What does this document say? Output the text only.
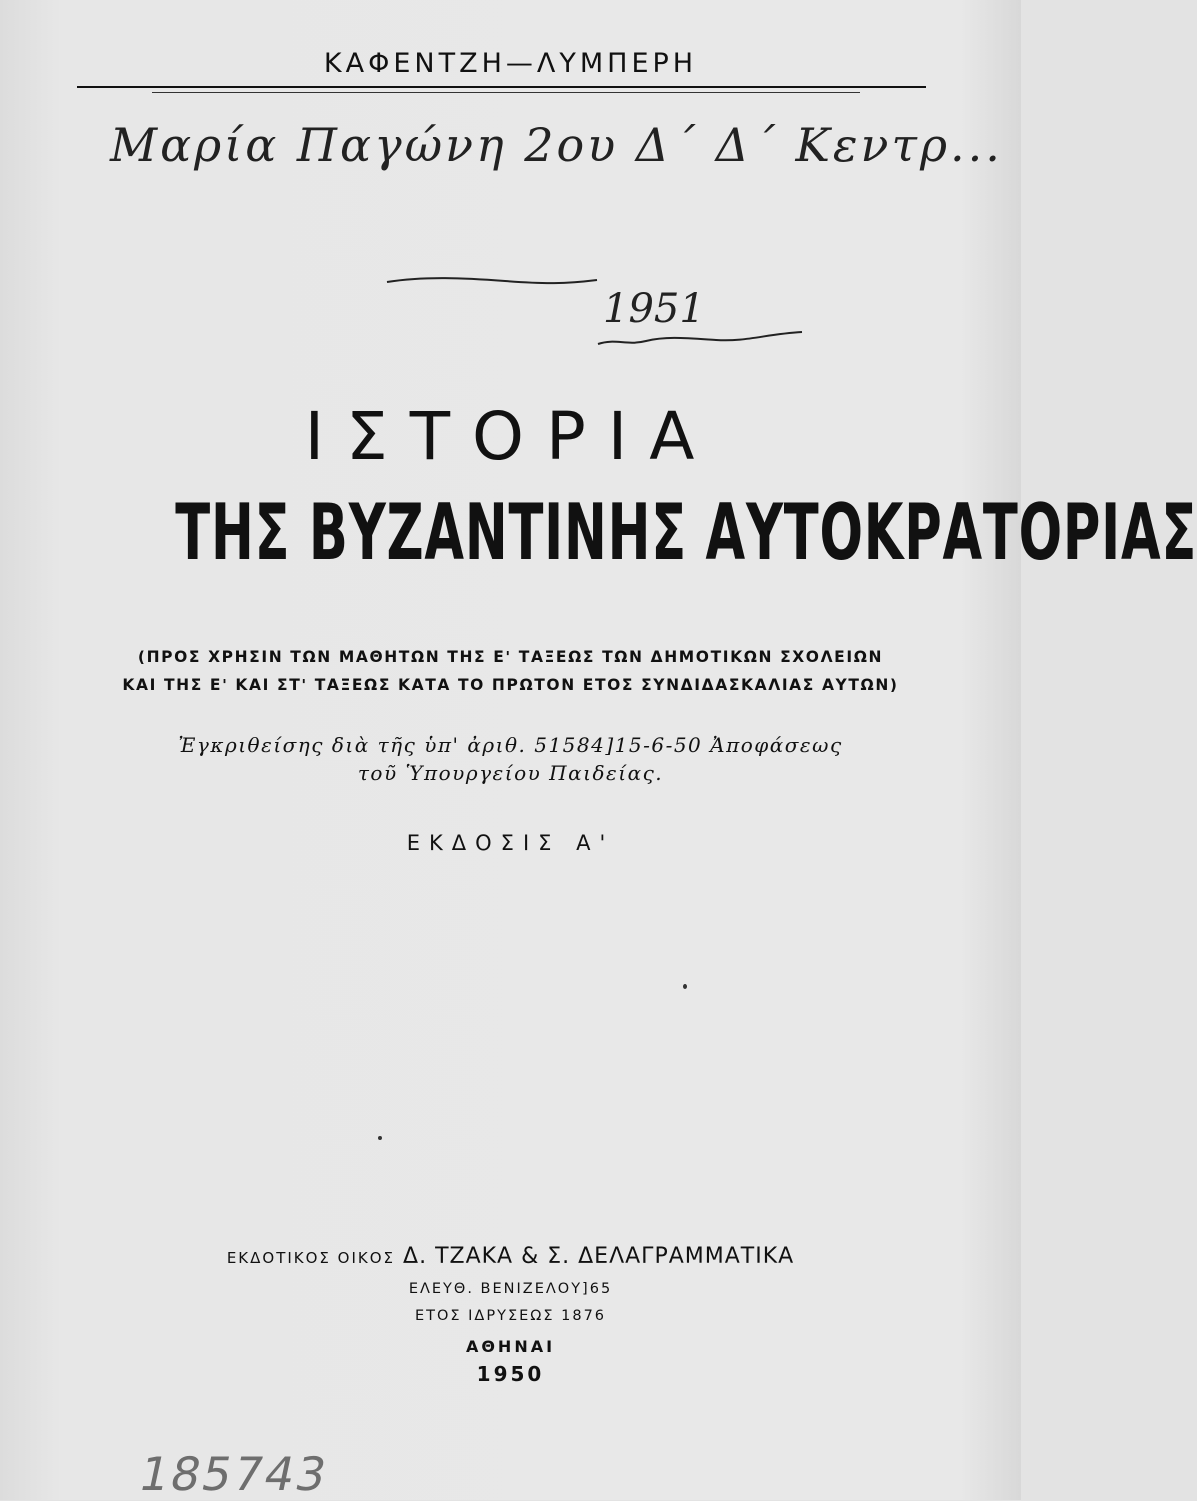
ΚΑΦΕΝΤΖΗ—ΛΥΜΠΕΡΗ
Μαρία Παγώνη 2ου Δ΄ Δ΄ Κεντρ...
1951
ΙΣΤΟΡΙΑ
ΤΗΣ ΒΥΖΑΝΤΙΝΗΣ ΑΥΤΟΚΡΑΤΟΡΙΑΣ
(ΠΡΟΣ ΧΡΗΣΙΝ ΤΩΝ ΜΑΘΗΤΩΝ ΤΗΣ Ε' ΤΑΞΕΩΣ ΤΩΝ ΔΗΜΟΤΙΚΩΝ ΣΧΟΛΕΙΩΝ
ΚΑΙ ΤΗΣ Ε' ΚΑΙ ΣΤ' ΤΑΞΕΩΣ ΚΑΤΑ ΤΟ ΠΡΩΤΟΝ ΕΤΟΣ ΣΥΝΔΙΔΑΣΚΑΛΙΑΣ ΑΥΤΩΝ)
Ἐγκριθείσης διὰ τῆς ὑπ' ἀριθ. 51584]15-6-50 Ἀποφάσεως
τοῦ Ὑπουργείου Παιδείας.
ΕΚΔΟΣΙΣ Α'
ΕΚΔΟΤΙΚΟΣ ΟΙΚΟΣ Δ. ΤΖΑΚΑ & Σ. ΔΕΛΑΓΡΑΜΜΑΤΙΚΑ
ΕΛΕΥΘ. ΒΕΝΙΖΕΛΟΥ]65
ΕΤΟΣ ΙΔΡΥΣΕΩΣ 1876
ΑΘΗΝΑΙ
1950
185743
